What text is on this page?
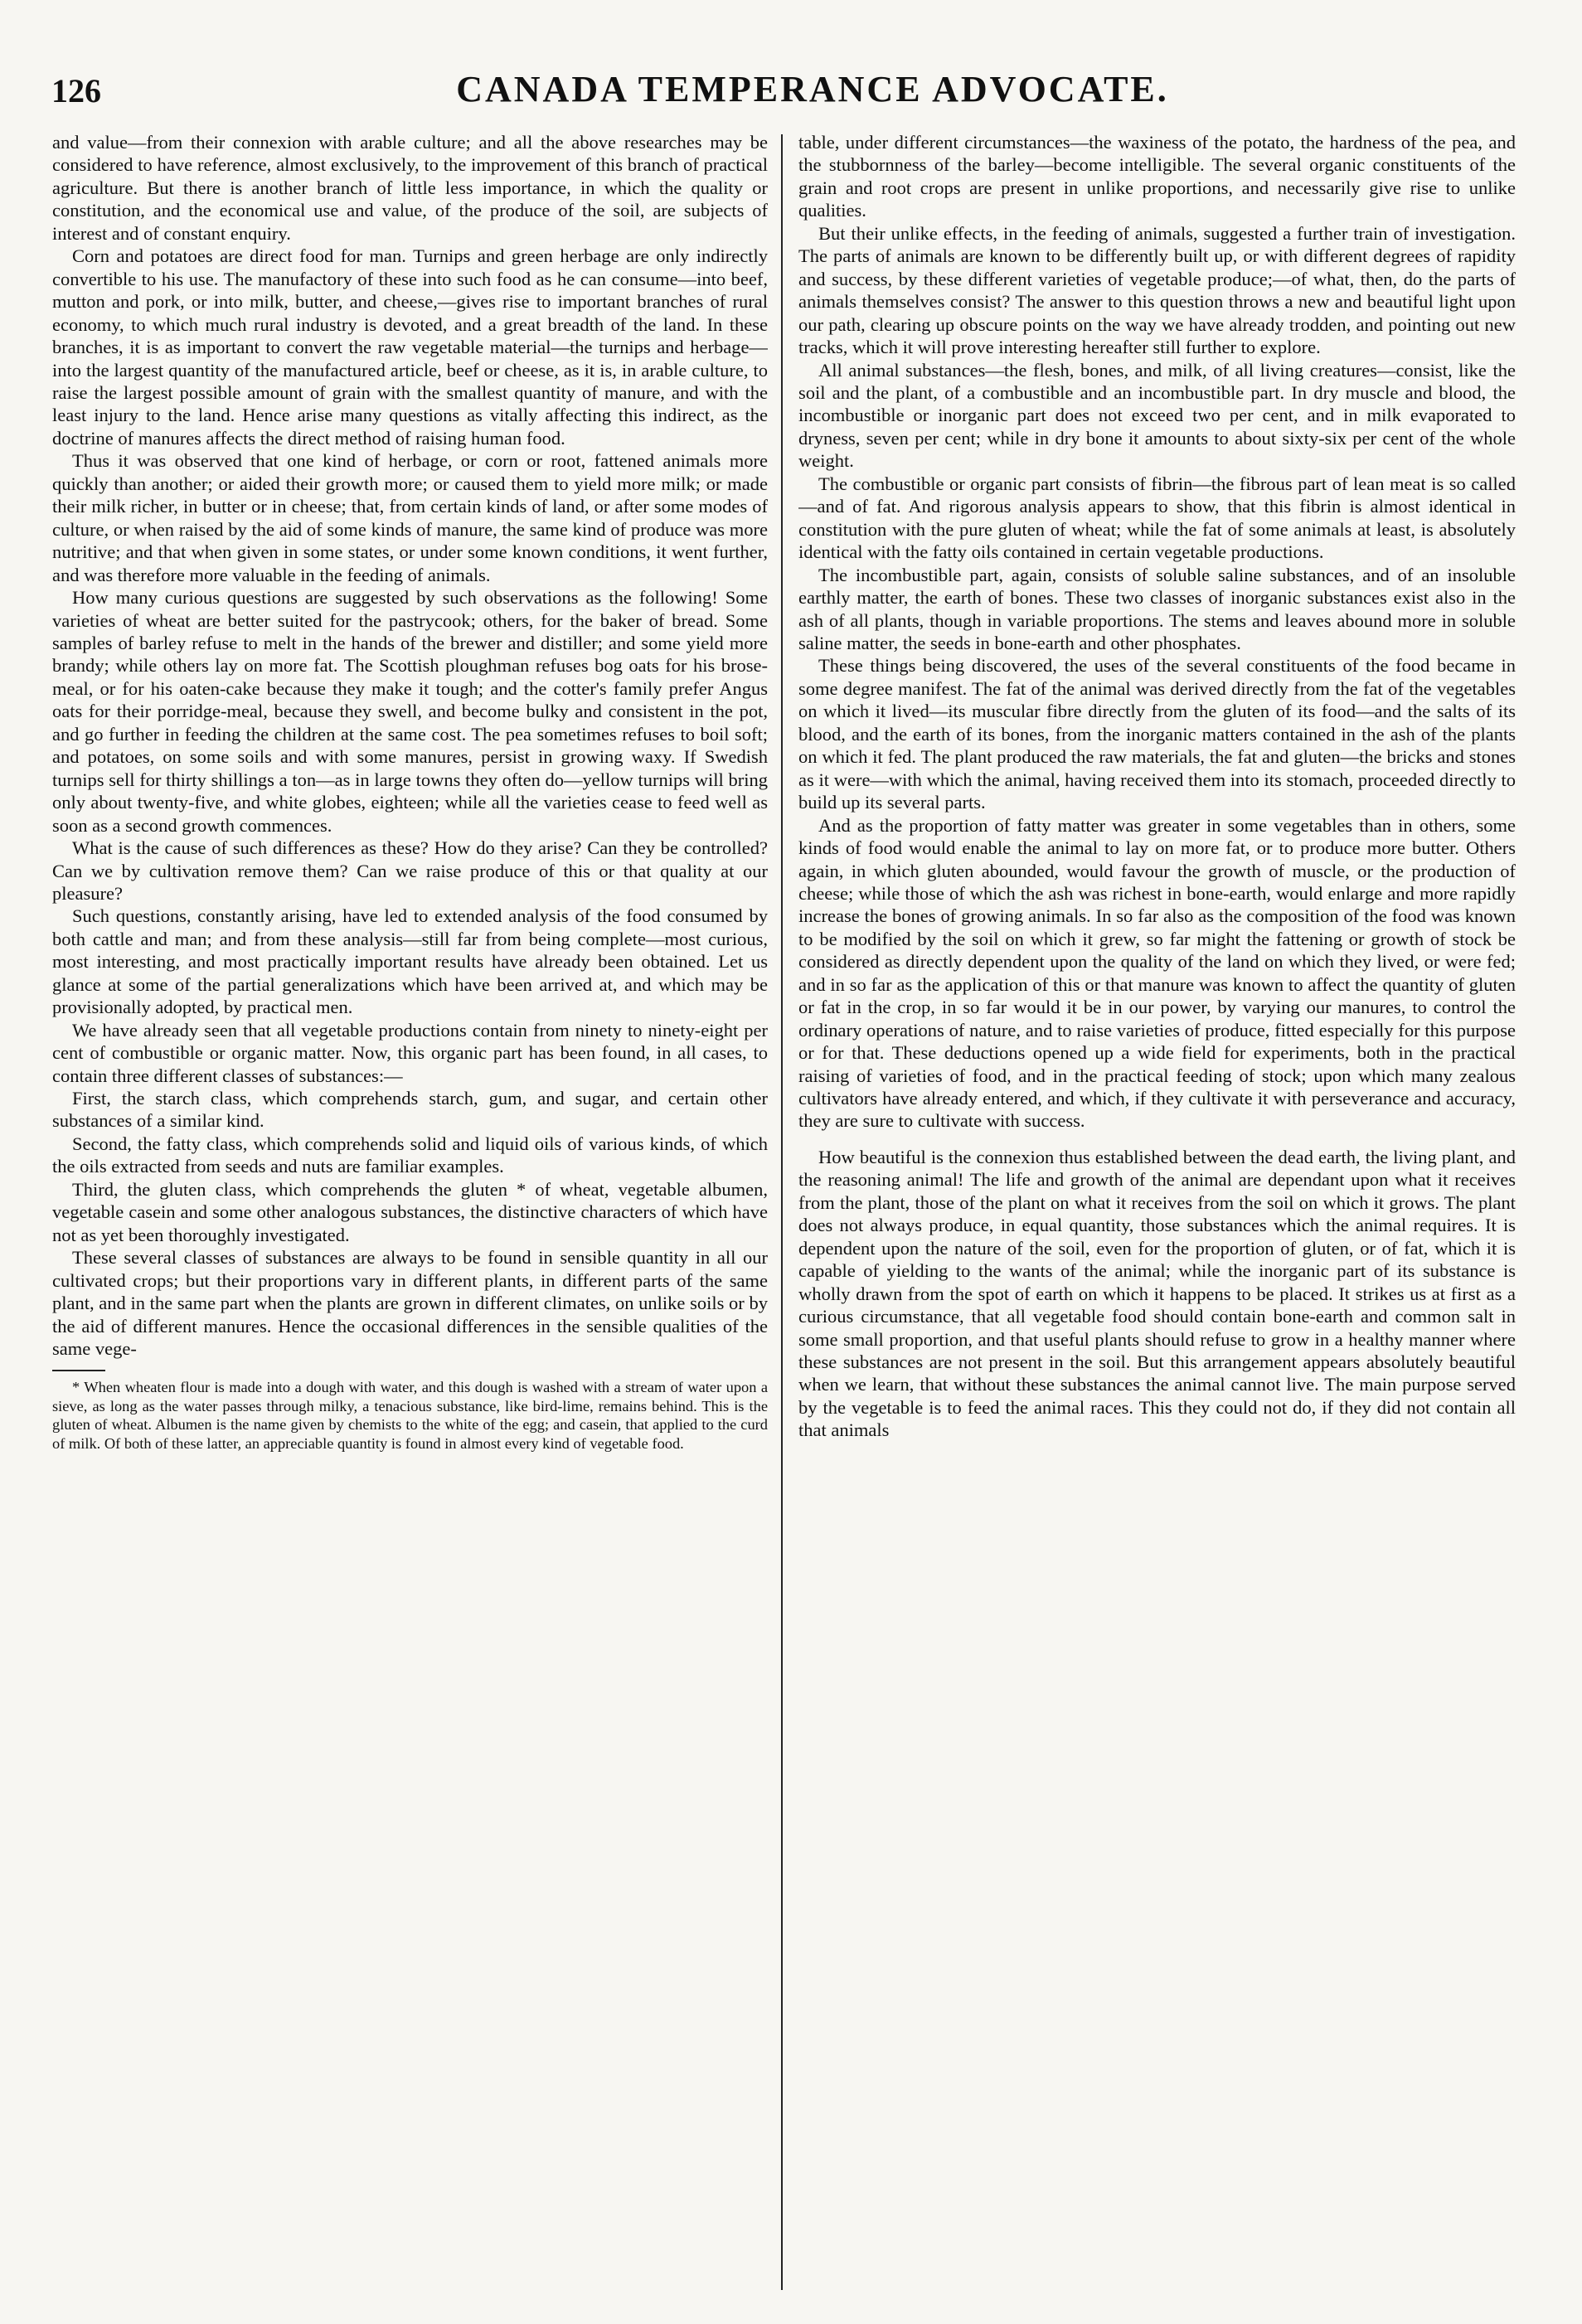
126	CANADA TEMPERANCE ADVOCATE.

and value—from their connexion with arable culture; and all the above researches may be considered to have reference, almost exclusively, to the improvement of this branch of practical agriculture. But there is another branch of little less importance, in which the quality or constitution, and the economical use and value, of the produce of the soil, are subjects of interest and of constant enquiry.

Corn and potatoes are direct food for man. Turnips and green herbage are only indirectly convertible to his use. The manufactory of these into such food as he can consume—into beef, mutton and pork, or into milk, butter, and cheese,—gives rise to important branches of rural economy, to which much rural industry is devoted, and a great breadth of the land. In these branches, it is as important to convert the raw vegetable material—the turnips and herbage—into the largest quantity of the manufactured article, beef or cheese, as it is, in arable culture, to raise the largest possible amount of grain with the smallest quantity of manure, and with the least injury to the land. Hence arise many questions as vitally affecting this indirect, as the doctrine of manures affects the direct method of raising human food.

Thus it was observed that one kind of herbage, or corn or root, fattened animals more quickly than another; or aided their growth more; or caused them to yield more milk; or made their milk richer, in butter or in cheese; that, from certain kinds of land, or after some modes of culture, or when raised by the aid of some kinds of manure, the same kind of produce was more nutritive; and that when given in some states, or under some known conditions, it went further, and was therefore more valuable in the feeding of animals.

How many curious questions are suggested by such observations as the following! Some varieties of wheat are better suited for the pastrycook; others, for the baker of bread. Some samples of barley refuse to melt in the hands of the brewer and distiller; and some yield more brandy; while others lay on more fat. The Scottish ploughman refuses bog oats for his brose-meal, or for his oaten-cake because they make it tough; and the cotter's family prefer Angus oats for their porridge-meal, because they swell, and become bulky and consistent in the pot, and go further in feeding the children at the same cost. The pea sometimes refuses to boil soft; and potatoes, on some soils and with some manures, persist in growing waxy. If Swedish turnips sell for thirty shillings a ton—as in large towns they often do—yellow turnips will bring only about twenty-five, and white globes, eighteen; while all the varieties cease to feed well as soon as a second growth commences.

What is the cause of such differences as these? How do they arise? Can they be controlled? Can we by cultivation remove them? Can we raise produce of this or that quality at our pleasure?

Such questions, constantly arising, have led to extended analysis of the food consumed by both cattle and man; and from these analysis—still far from being complete—most curious, most interesting, and most practically important results have already been obtained. Let us glance at some of the partial generalizations which have been arrived at, and which may be provisionally adopted, by practical men.

We have already seen that all vegetable productions contain from ninety to ninety-eight per cent of combustible or organic matter. Now, this organic part has been found, in all cases, to contain three different classes of substances:—

First, the starch class, which comprehends starch, gum, and sugar, and certain other substances of a similar kind.

Second, the fatty class, which comprehends solid and liquid oils of various kinds, of which the oils extracted from seeds and nuts are familiar examples.

Third, the gluten class, which comprehends the gluten * of wheat, vegetable albumen, vegetable casein and some other analogous substances, the distinctive characters of which have not as yet been thoroughly investigated.

These several classes of substances are always to be found in sensible quantity in all our cultivated crops; but their proportions vary in different plants, in different parts of the same plant, and in the same part when the plants are grown in different climates, on unlike soils or by the aid of different manures. Hence the occasional differences in the sensible qualities of the same vege-

* When wheaten flour is made into a dough with water, and this dough is washed with a stream of water upon a sieve, as long as the water passes through milky, a tenacious substance, like bird-lime, remains behind. This is the gluten of wheat. Albumen is the name given by chemists to the white of the egg; and casein, that applied to the curd of milk. Of both of these latter, an appreciable quantity is found in almost every kind of vegetable food.

table, under different circumstances—the waxiness of the potato, the hardness of the pea, and the stubbornness of the barley—become intelligible. The several organic constituents of the grain and root crops are present in unlike proportions, and necessarily give rise to unlike qualities.

But their unlike effects, in the feeding of animals, suggested a further train of investigation. The parts of animals are known to be differently built up, or with different degrees of rapidity and success, by these different varieties of vegetable produce;—of what, then, do the parts of animals themselves consist? The answer to this question throws a new and beautiful light upon our path, clearing up obscure points on the way we have already trodden, and pointing out new tracks, which it will prove interesting hereafter still further to explore.

All animal substances—the flesh, bones, and milk, of all living creatures—consist, like the soil and the plant, of a combustible and an incombustible part. In dry muscle and blood, the incombustible or inorganic part does not exceed two per cent, and in milk evaporated to dryness, seven per cent; while in dry bone it amounts to about sixty-six per cent of the whole weight.

The combustible or organic part consists of fibrin—the fibrous part of lean meat is so called—and of fat. And rigorous analysis appears to show, that this fibrin is almost identical in constitution with the pure gluten of wheat; while the fat of some animals at least, is absolutely identical with the fatty oils contained in certain vegetable productions.

The incombustible part, again, consists of soluble saline substances, and of an insoluble earthly matter, the earth of bones. These two classes of inorganic substances exist also in the ash of all plants, though in variable proportions. The stems and leaves abound more in soluble saline matter, the seeds in bone-earth and other phosphates.

These things being discovered, the uses of the several constituents of the food became in some degree manifest. The fat of the animal was derived directly from the fat of the vegetables on which it lived—its muscular fibre directly from the gluten of its food—and the salts of its blood, and the earth of its bones, from the inorganic matters contained in the ash of the plants on which it fed. The plant produced the raw materials, the fat and gluten—the bricks and stones as it were—with which the animal, having received them into its stomach, proceeded directly to build up its several parts.

And as the proportion of fatty matter was greater in some vegetables than in others, some kinds of food would enable the animal to lay on more fat, or to produce more butter. Others again, in which gluten abounded, would favour the growth of muscle, or the production of cheese; while those of which the ash was richest in bone-earth, would enlarge and more rapidly increase the bones of growing animals. In so far also as the composition of the food was known to be modified by the soil on which it grew, so far might the fattening or growth of stock be considered as directly dependent upon the quality of the land on which they lived, or were fed; and in so far as the application of this or that manure was known to affect the quantity of gluten or fat in the crop, in so far would it be in our power, by varying our manures, to control the ordinary operations of nature, and to raise varieties of produce, fitted especially for this purpose or for that. These deductions opened up a wide field for experiments, both in the practical raising of varieties of food, and in the practical feeding of stock; upon which many zealous cultivators have already entered, and which, if they cultivate it with perseverance and accuracy, they are sure to cultivate with success.

How beautiful is the connexion thus established between the dead earth, the living plant, and the reasoning animal! The life and growth of the animal are dependant upon what it receives from the plant, those of the plant on what it receives from the soil on which it grows. The plant does not always produce, in equal quantity, those substances which the animal requires. It is dependent upon the nature of the soil, even for the proportion of gluten, or of fat, which it is capable of yielding to the wants of the animal; while the inorganic part of its substance is wholly drawn from the spot of earth on which it happens to be placed. It strikes us at first as a curious circumstance, that all vegetable food should contain bone-earth and common salt in some small proportion, and that useful plants should refuse to grow in a healthy manner where these substances are not present in the soil. But this arrangement appears absolutely beautiful when we learn, that without these substances the animal cannot live. The main purpose served by the vegetable is to feed the animal races. This they could not do, if they did not contain all that animals
